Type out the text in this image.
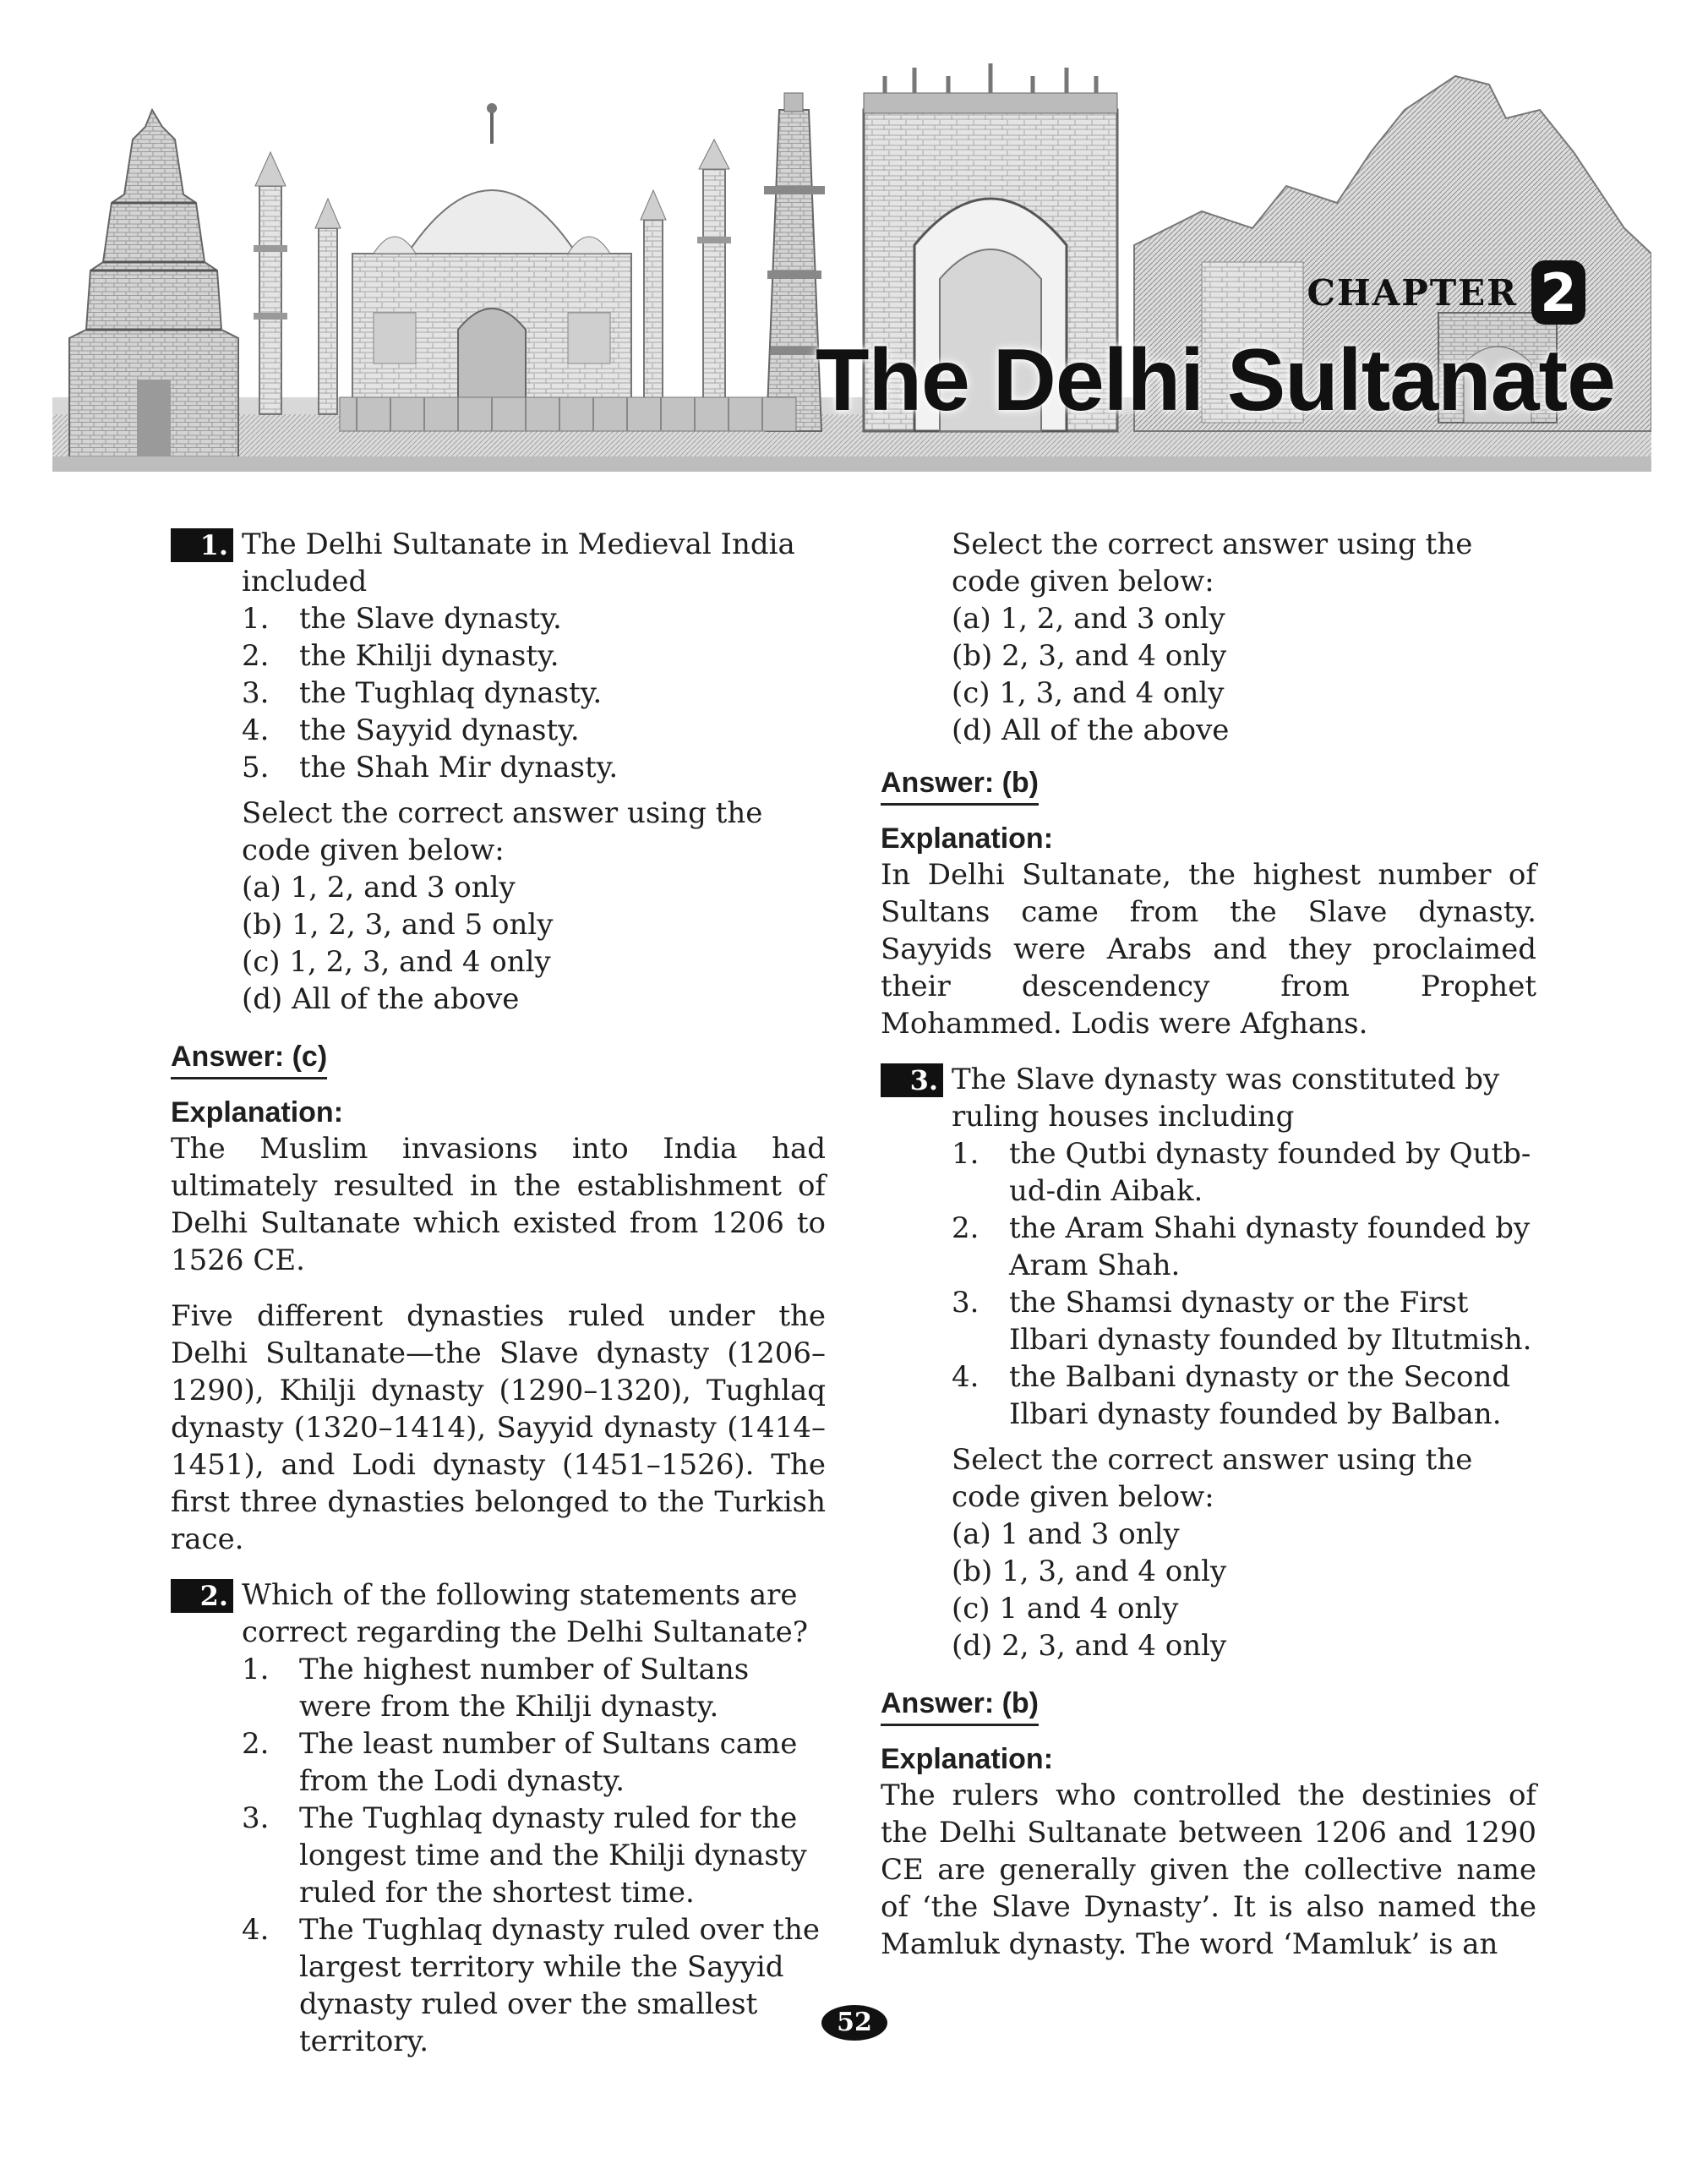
CHAPTER 2
The Delhi Sultanate
1. The Delhi Sultanate in Medieval India included
1. the Slave dynasty.
2. the Khilji dynasty.
3. the Tughlaq dynasty.
4. the Sayyid dynasty.
5. the Shah Mir dynasty.
Select the correct answer using the code given below:
(a) 1, 2, and 3 only
(b) 1, 2, 3, and 5 only
(c) 1, 2, 3, and 4 only
(d) All of the above
Answer: (c)
Explanation:
The Muslim invasions into India had ultimately resulted in the establishment of Delhi Sultanate which existed from 1206 to 1526 CE.
Five different dynasties ruled under the Delhi Sultanate—the Slave dynasty (1206–1290), Khilji dynasty (1290–1320), Tughlaq dynasty (1320–1414), Sayyid dynasty (1414–1451), and Lodi dynasty (1451–1526). The first three dynasties belonged to the Turkish race.
2. Which of the following statements are correct regarding the Delhi Sultanate?
1. The highest number of Sultans were from the Khilji dynasty.
2. The least number of Sultans came from the Lodi dynasty.
3. The Tughlaq dynasty ruled for the longest time and the Khilji dynasty ruled for the shortest time.
4. The Tughlaq dynasty ruled over the largest territory while the Sayyid dynasty ruled over the smallest territory.
Select the correct answer using the code given below:
(a) 1, 2, and 3 only
(b) 2, 3, and 4 only
(c) 1, 3, and 4 only
(d) All of the above
Answer: (b)
Explanation:
In Delhi Sultanate, the highest number of Sultans came from the Slave dynasty. Sayyids were Arabs and they proclaimed their descendency from Prophet Mohammed. Lodis were Afghans.
3. The Slave dynasty was constituted by ruling houses including
1. the Qutbi dynasty founded by Qutb-ud-din Aibak.
2. the Aram Shahi dynasty founded by Aram Shah.
3. the Shamsi dynasty or the First Ilbari dynasty founded by Iltutmish.
4. the Balbani dynasty or the Second Ilbari dynasty founded by Balban.
Select the correct answer using the code given below:
(a) 1 and 3 only
(b) 1, 3, and 4 only
(c) 1 and 4 only
(d) 2, 3, and 4 only
Answer: (b)
Explanation:
The rulers who controlled the destinies of the Delhi Sultanate between 1206 and 1290 CE are generally given the collective name of ‘the Slave Dynasty’. It is also named the Mamluk dynasty. The word ‘Mamluk’ is an
52
